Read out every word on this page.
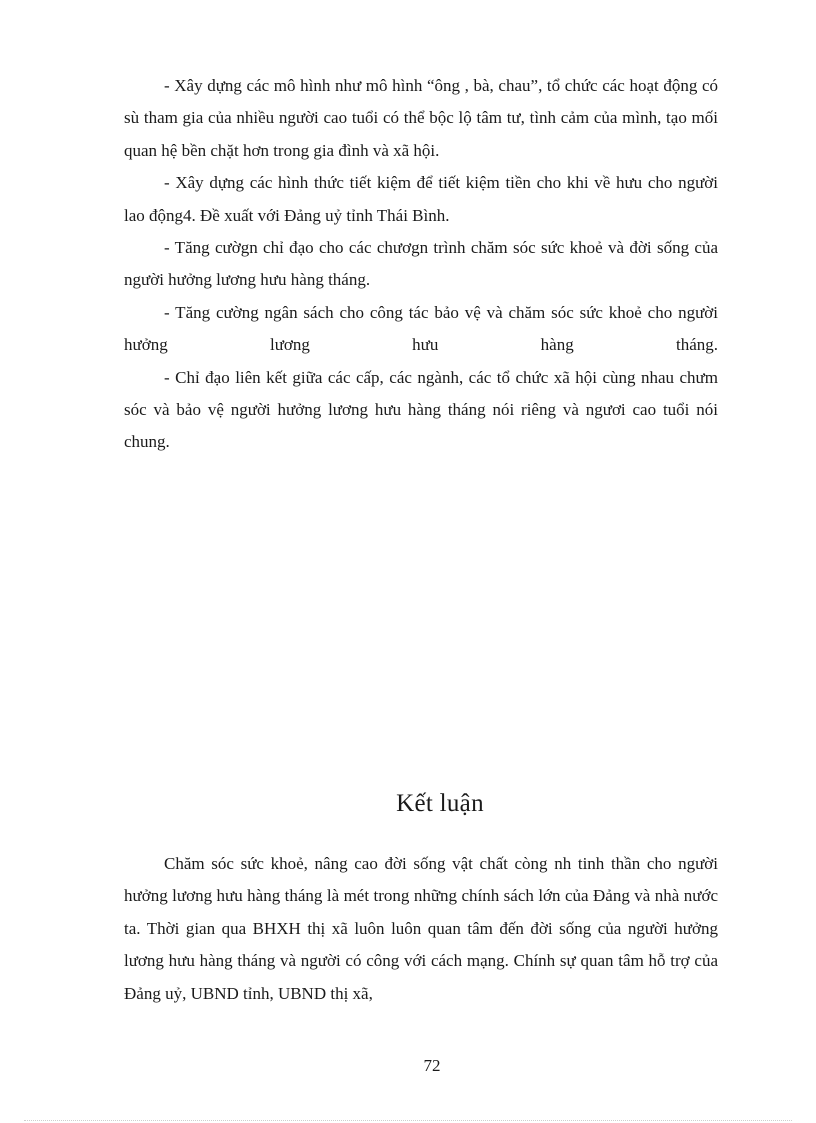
- Xây dựng các mô hình như mô hình “ông , bà, chau”, tổ chức các hoạt động có sù tham gia của nhiều người cao tuổi có thể bộc lộ tâm tư, tình cảm của mình, tạo mối quan hệ bền chặt hơn trong gia đình và xã hội.

- Xây dựng các hình thức tiết kiệm để tiết kiệm tiền cho khi về hưu cho người lao động4. Đề xuất với Đảng uỷ tỉnh Thái Bình.

- Tăng cườgn chỉ đạo cho các chươgn trình chăm sóc sức khoẻ và đời sống của người hưởng lương hưu hàng tháng.

- Tăng cường ngân sách cho công tác bảo vệ và chăm sóc sức khoẻ cho người hưởng lương hưu hàng tháng.

- Chỉ đạo liên kết giữa các cấp, các ngành, các tổ chức xã hội cùng nhau chưm sóc và bảo vệ người hưởng lương hưu hàng tháng nói riêng và ngươi cao tuổi nói chung.

Kết luận

Chăm sóc sức khoẻ, nâng cao đời sống vật chất còng nh tinh thần cho người hưởng lương hưu hàng tháng là mét trong những chính sách lớn của Đảng và nhà nước ta. Thời gian qua BHXH thị xã luôn luôn quan tâm đến đời sống của người hưởng lương hưu hàng tháng và người có công với cách mạng. Chính sự quan tâm hỗ trợ của Đảng uỷ, UBND tỉnh, UBND thị xã,

72
